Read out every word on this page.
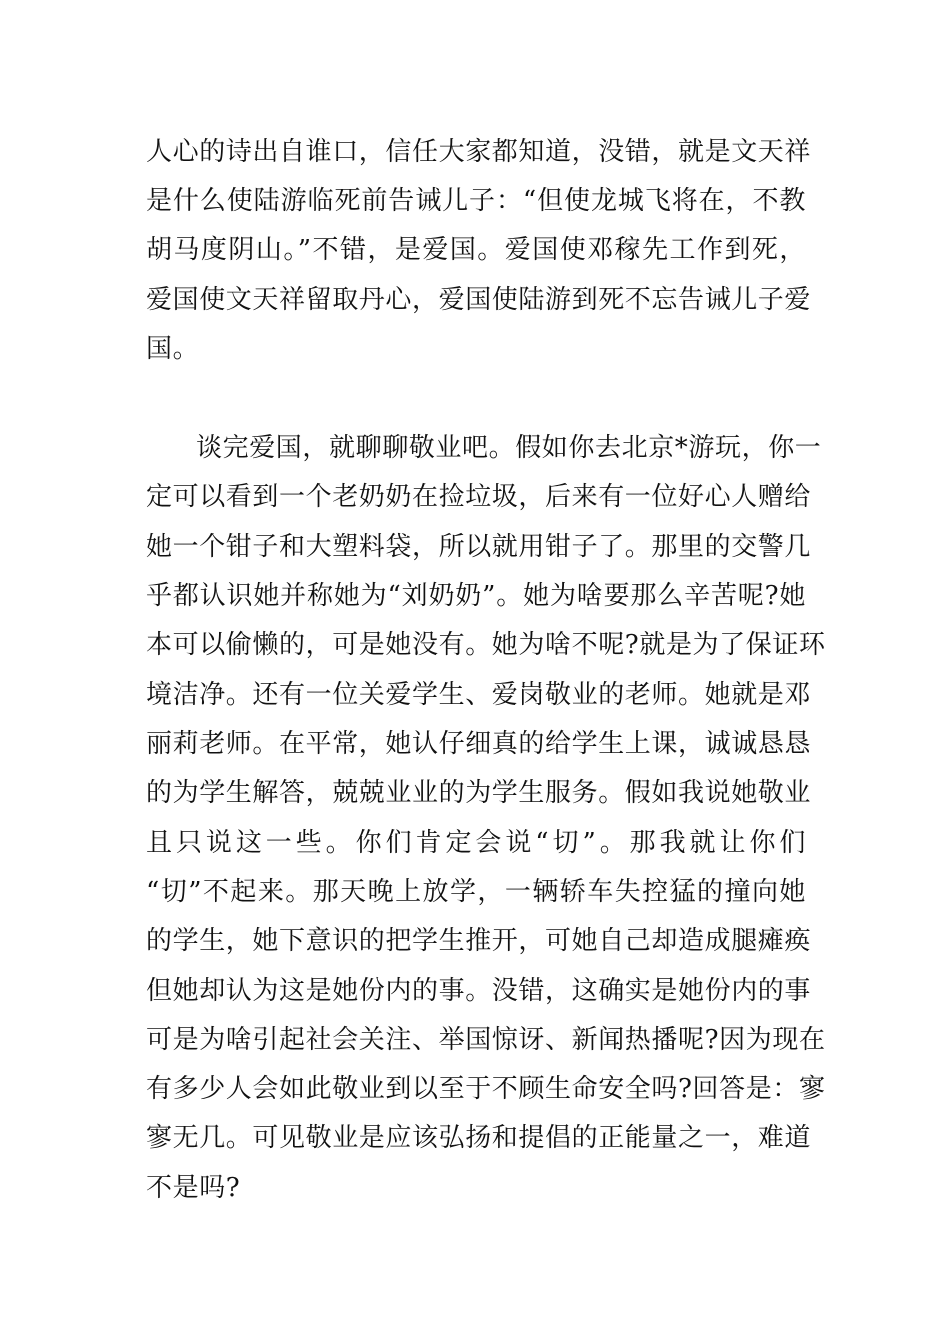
人心的诗出自谁口，信任大家都知道，没错，就是文天祥
是什么使陆游临死前告诫儿子：“但使龙城飞将在，不教
胡马度阴山。”不错，是爱国。爱国使邓稼先工作到死，
爱国使文天祥留取丹心，爱国使陆游到死不忘告诫儿子爱
国。
谈完爱国，就聊聊敬业吧。假如你去北京*游玩，你一
定可以看到一个老奶奶在捡垃圾，后来有一位好心人赠给
她一个钳子和大塑料袋，所以就用钳子了。那里的交警几
乎都认识她并称她为“刘奶奶”。她为啥要那么辛苦呢?她
本可以偷懒的，可是她没有。她为啥不呢?就是为了保证环
境洁净。还有一位关爱学生、爱岗敬业的老师。她就是邓
丽莉老师。在平常，她认仔细真的给学生上课，诚诚恳恳
的为学生解答，兢兢业业的为学生服务。假如我说她敬业
且只说这一些。你们肯定会说“切”。那我就让你们
“切”不起来。那天晚上放学，一辆轿车失控猛的撞向她
的学生，她下意识的把学生推开，可她自己却造成腿瘫痪
但她却认为这是她份内的事。没错，这确实是她份内的事
可是为啥引起社会关注、举国惊讶、新闻热播呢?因为现在
有多少人会如此敬业到以至于不顾生命安全吗?回答是：寥
寥无几。可见敬业是应该弘扬和提倡的正能量之一，难道
不是吗?
